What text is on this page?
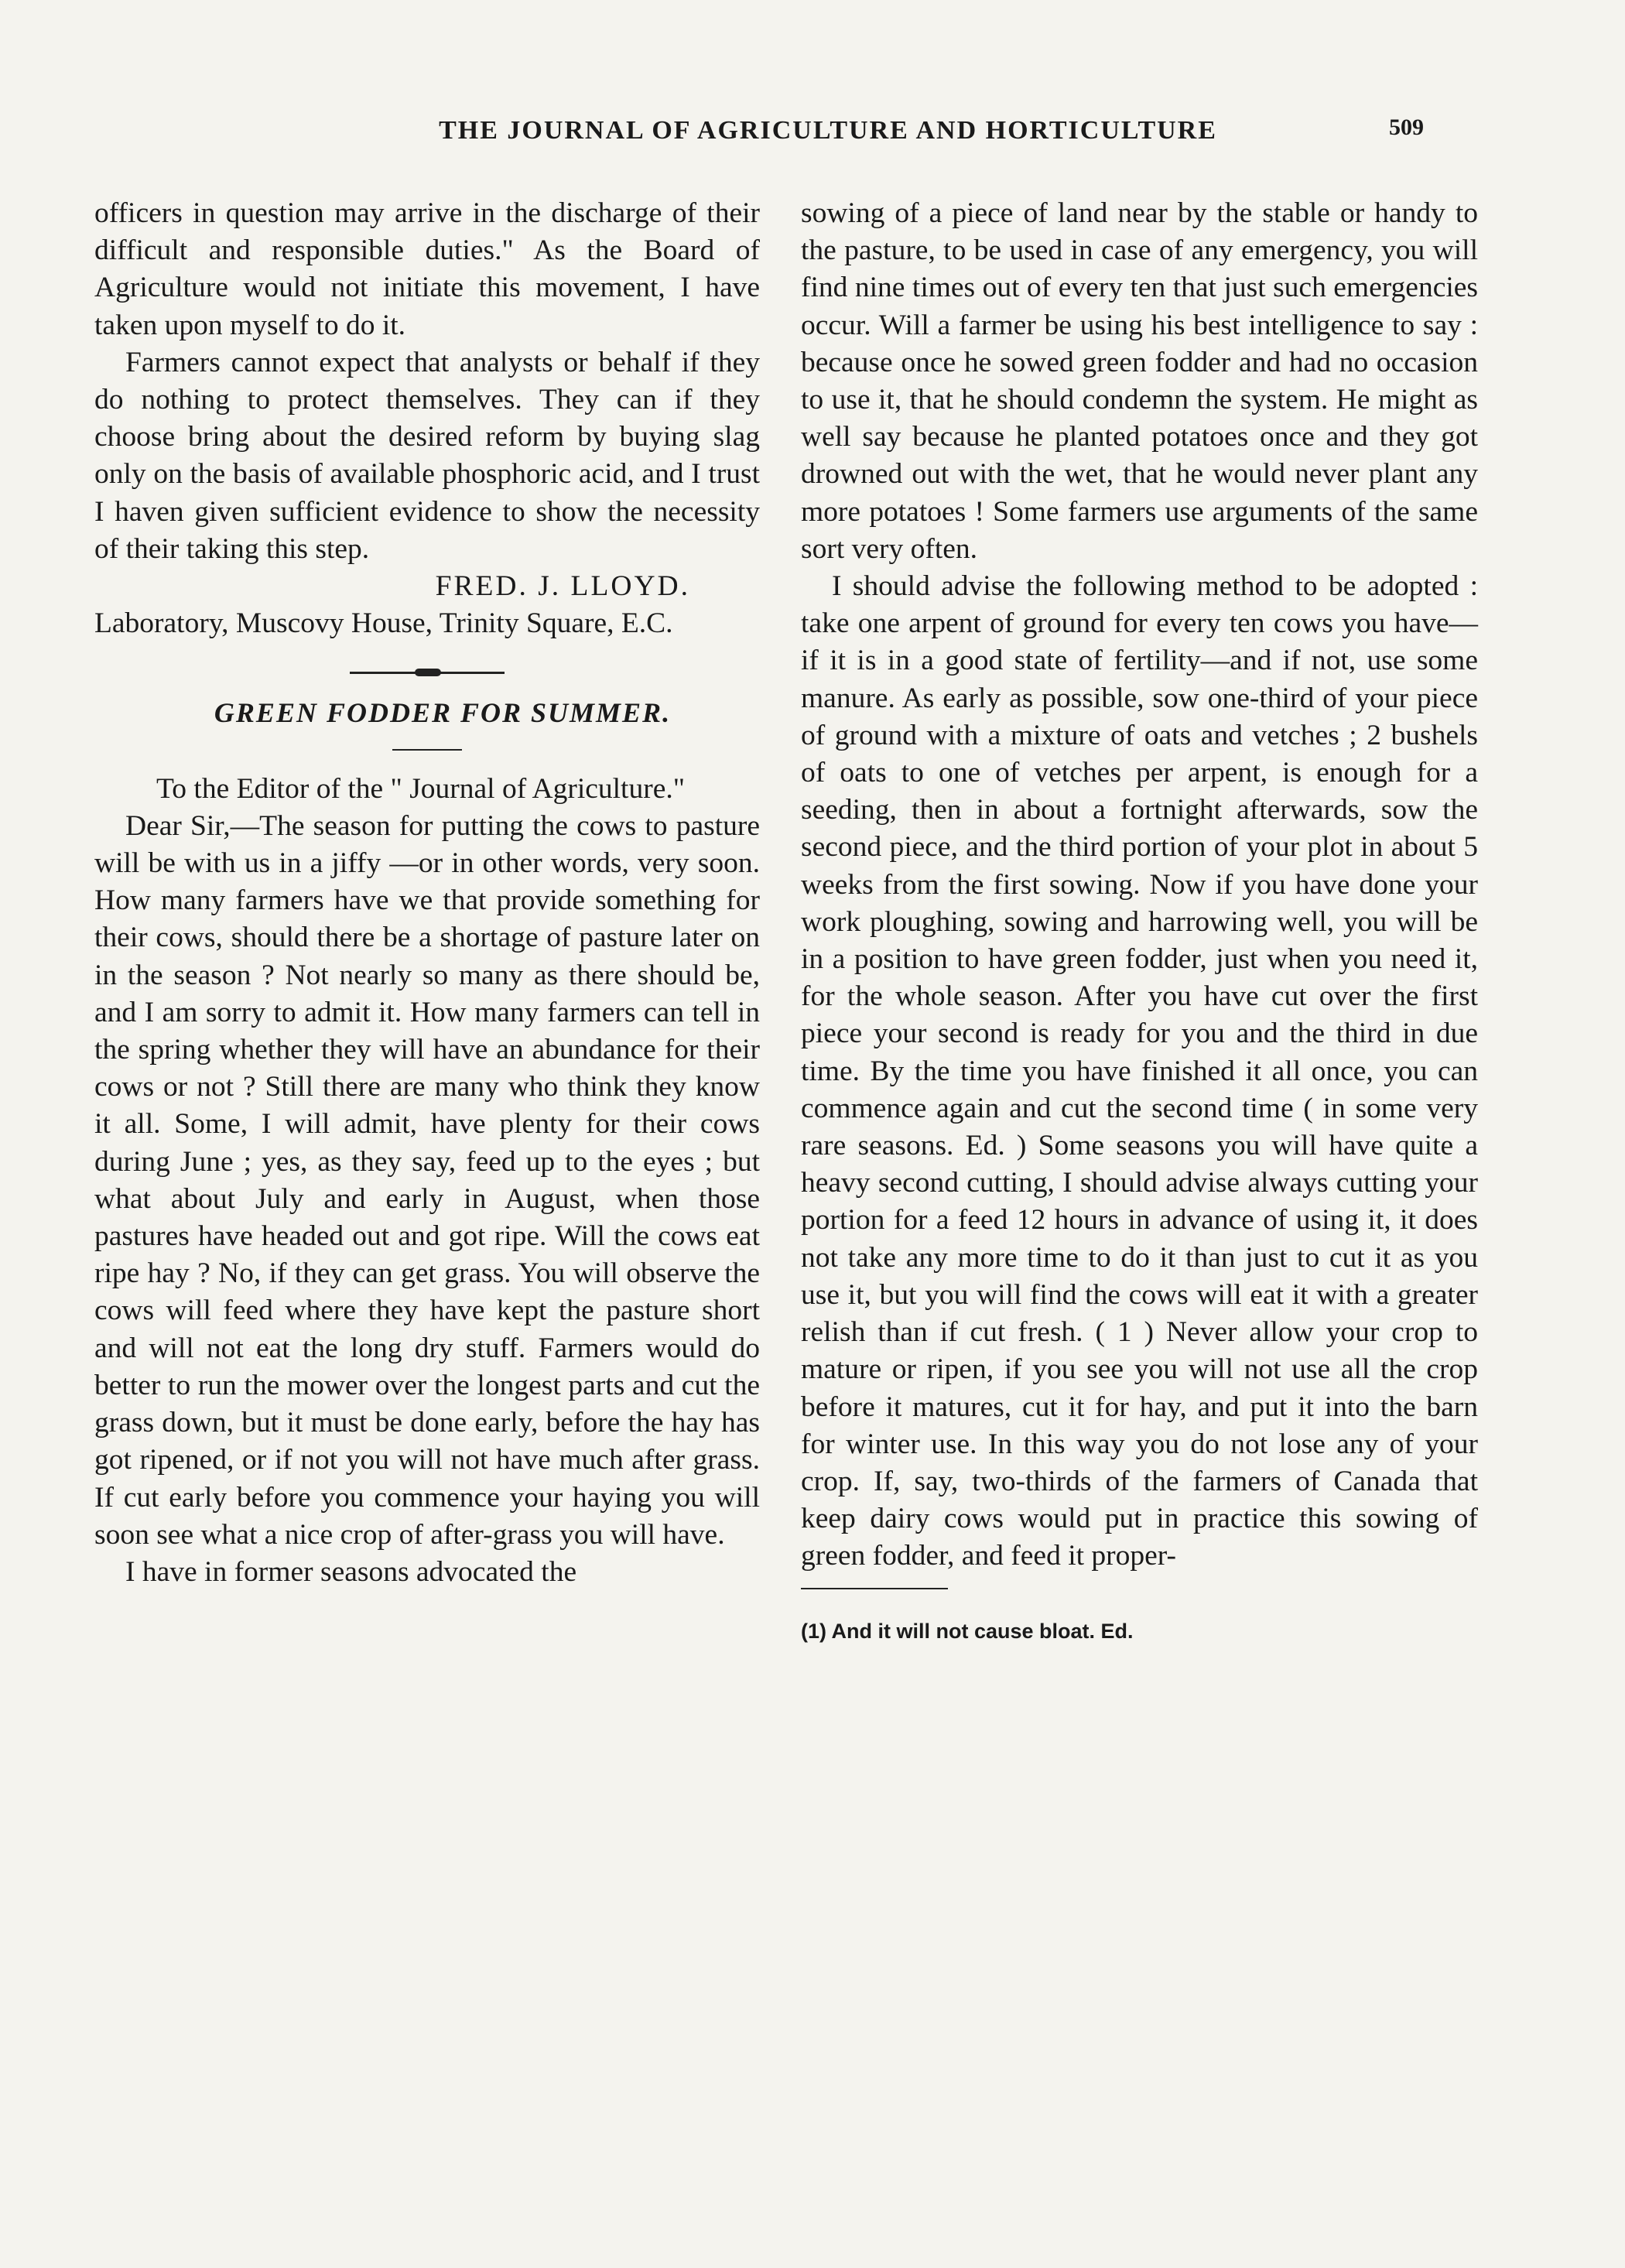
THE JOURNAL OF AGRICULTURE AND HORTICULTURE	509

officers in question may arrive in the discharge of their difficult and responsible duties." As the Board of Agriculture would not initiate this movement, I have taken upon myself to do it.

Farmers cannot expect that analysts or behalf if they do nothing to protect themselves. They can if they choose bring about the desired reform by buying slag only on the basis of available phosphoric acid, and I trust I haven given sufficient evidence to show the necessity of their taking this step.

FRED. J. LLOYD.

Laboratory, Muscovy House, Trinity Square, E.C.

GREEN FODDER FOR SUMMER.

To the Editor of the " Journal of Agriculture."

Dear Sir,—The season for putting the cows to pasture will be with us in a jiffy —or in other words, very soon. How many farmers have we that provide something for their cows, should there be a shortage of pasture later on in the season ? Not nearly so many as there should be, and I am sorry to admit it. How many farmers can tell in the spring whether they will have an abundance for their cows or not ? Still there are many who think they know it all. Some, I will admit, have plenty for their cows during June ; yes, as they say, feed up to the eyes ; but what about July and early in August, when those pastures have headed out and got ripe. Will the cows eat ripe hay ? No, if they can get grass. You will observe the cows will feed where they have kept the pasture short and will not eat the long dry stuff. Farmers would do better to run the mower over the longest parts and cut the grass down, but it must be done early, before the hay has got ripened, or if not you will not have much after grass. If cut early before you commence your haying you will soon see what a nice crop of after-grass you will have.

I have in former seasons advocated the

sowing of a piece of land near by the stable or handy to the pasture, to be used in case of any emergency, you will find nine times out of every ten that just such emergencies occur. Will a farmer be using his best intelligence to say : because once he sowed green fodder and had no occasion to use it, that he should condemn the system. He might as well say because he planted potatoes once and they got drowned out with the wet, that he would never plant any more potatoes ! Some farmers use arguments of the same sort very often.

I should advise the following method to be adopted : take one arpent of ground for every ten cows you have—if it is in a good state of fertility—and if not, use some manure. As early as possible, sow one-third of your piece of ground with a mixture of oats and vetches ; 2 bushels of oats to one of vetches per arpent, is enough for a seeding, then in about a fortnight afterwards, sow the second piece, and the third portion of your plot in about 5 weeks from the first sowing. Now if you have done your work ploughing, sowing and harrowing well, you will be in a position to have green fodder, just when you need it, for the whole season. After you have cut over the first piece your second is ready for you and the third in due time. By the time you have finished it all once, you can commence again and cut the second time ( in some very rare seasons. Ed. ) Some seasons you will have quite a heavy second cutting, I should advise always cutting your portion for a feed 12 hours in advance of using it, it does not take any more time to do it than just to cut it as you use it, but you will find the cows will eat it with a greater relish than if cut fresh. ( 1 ) Never allow your crop to mature or ripen, if you see you will not use all the crop before it matures, cut it for hay, and put it into the barn for winter use. In this way you do not lose any of your crop. If, say, two-thirds of the farmers of Canada that keep dairy cows would put in practice this sowing of green fodder, and feed it proper-

(1) And it will not cause bloat. Ed.
